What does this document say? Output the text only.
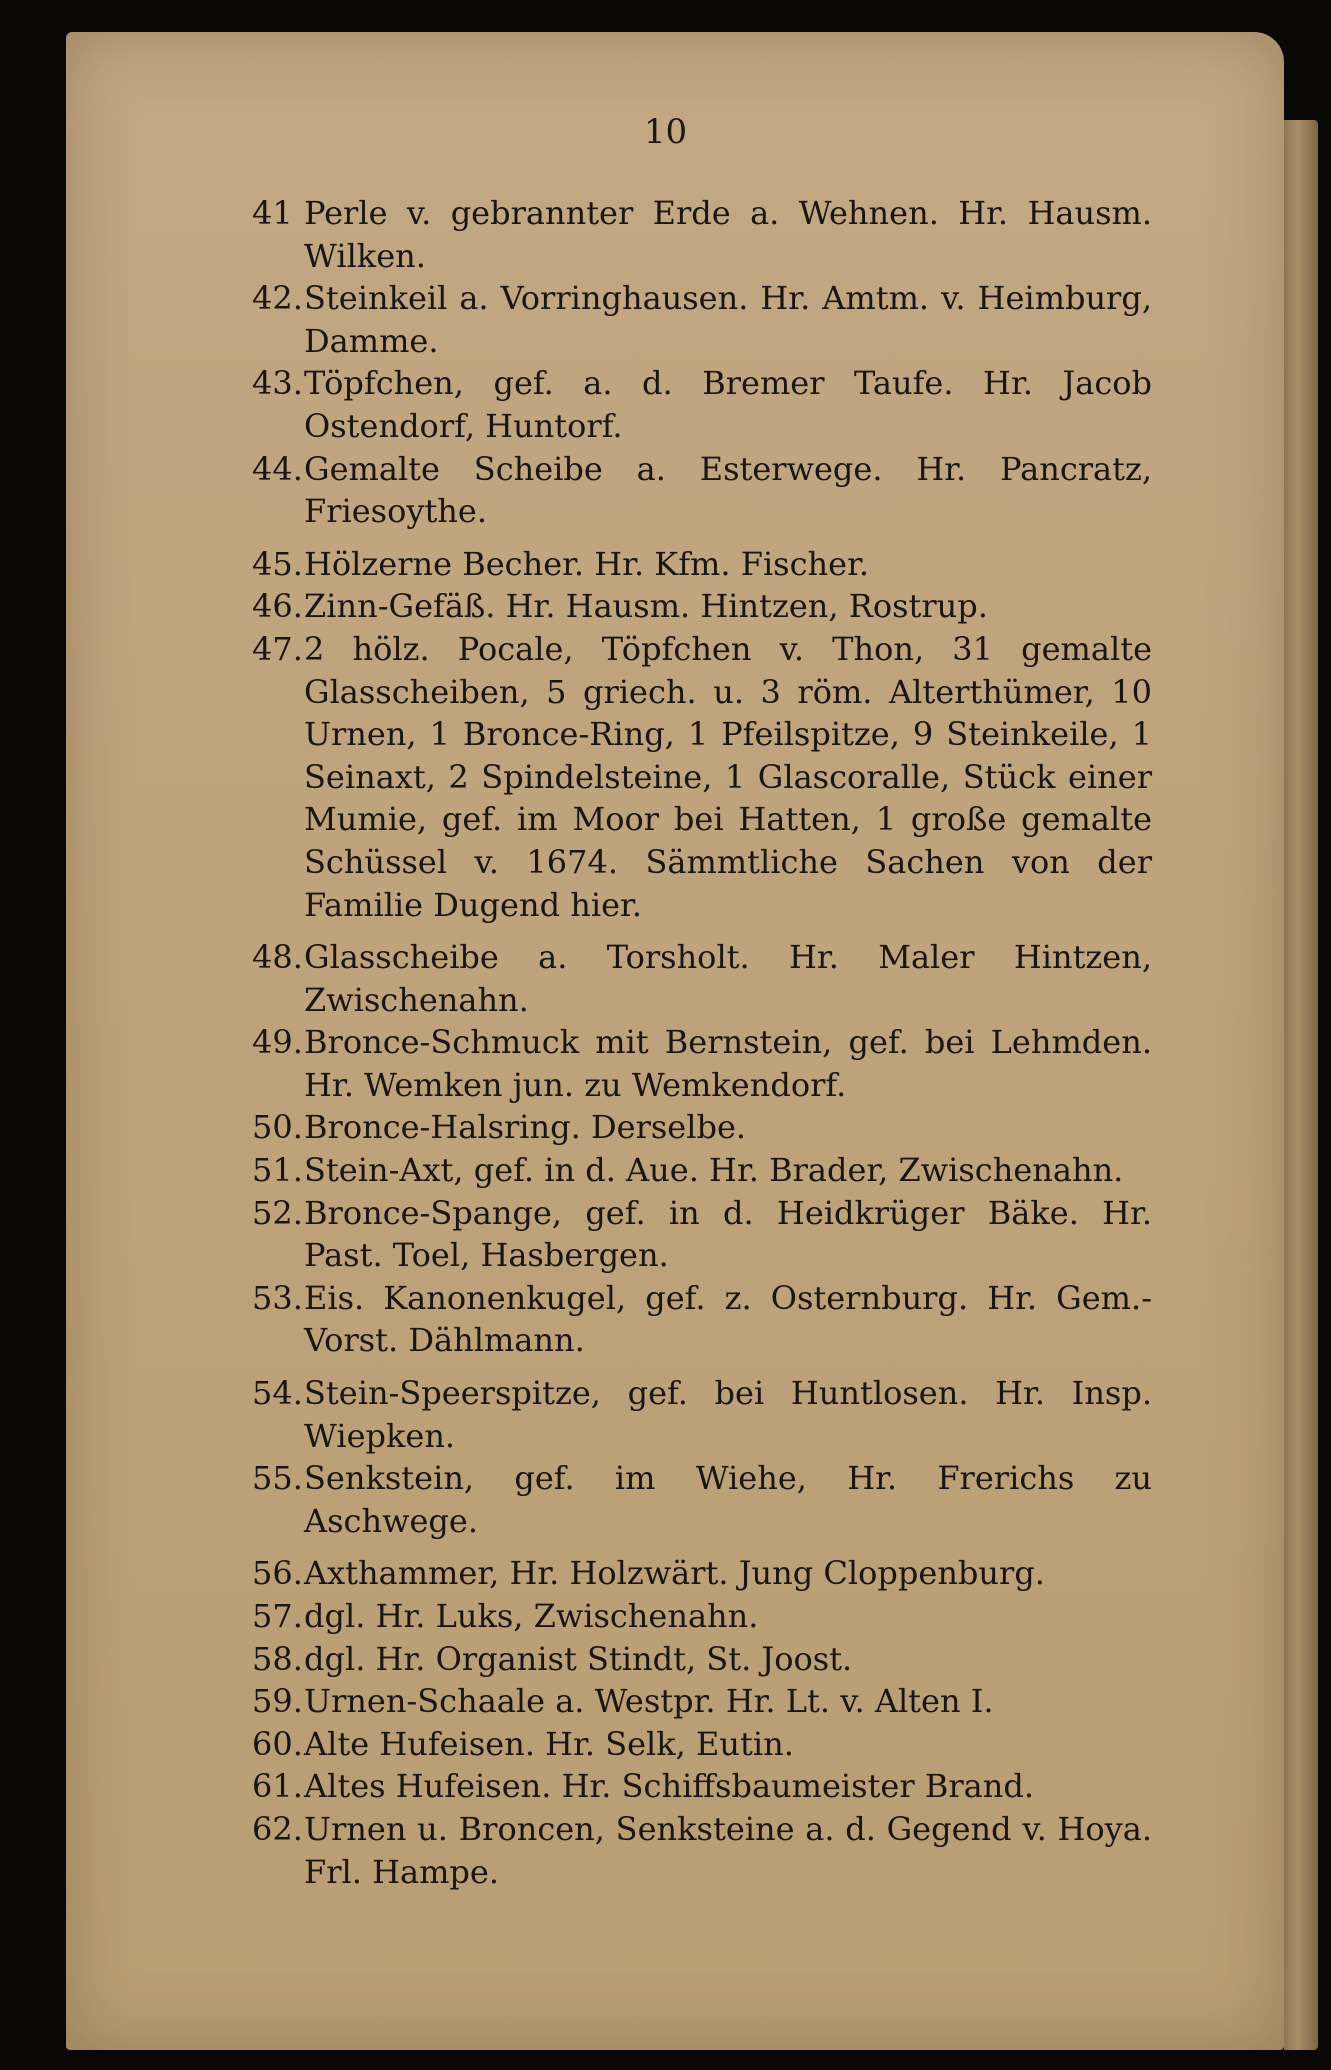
10

41 Perle v. gebrannter Erde a. Wehnen. Hr. Hausm. Wilken.
42. Steinkeil a. Vorringhausen. Hr. Amtm. v. Heimburg, Damme.
43. Töpfchen, gef. a. d. Bremer Taufe. Hr. Jacob Ostendorf, Huntorf.
44. Gemalte Scheibe a. Esterwege. Hr. Pancratz, Friesoythe.
45. Hölzerne Becher. Hr. Kfm. Fischer.
46. Zinn-Gefäß. Hr. Hausm. Hintzen, Rostrup.
47. 2 hölz. Pocale, Töpfchen v. Thon, 31 gemalte Glasscheiben, 5 griech. u. 3 röm. Alterthümer, 10 Urnen, 1 Bronce-Ring, 1 Pfeilspitze, 9 Steinkeile, 1 Seinaxt, 2 Spindelsteine, 1 Glascoralle, Stück einer Mumie, gef. im Moor bei Hatten, 1 große gemalte Schüssel v. 1674. Sämmtliche Sachen von der Familie Dugend hier.
48. Glasscheibe a. Torsholt. Hr. Maler Hintzen, Zwischenahn.
49. Bronce-Schmuck mit Bernstein, gef. bei Lehmden. Hr. Wemken jun. zu Wemkendorf.
50. Bronce-Halsring. Derselbe.
51. Stein-Axt, gef. in d. Aue. Hr. Brader, Zwischenahn.
52. Bronce-Spange, gef. in d. Heidkrüger Bäke. Hr. Past. Toel, Hasbergen.
53. Eis. Kanonenkugel, gef. z. Osternburg. Hr. Gem.-Vorst. Dählmann.
54. Stein-Speerspitze, gef. bei Huntlosen. Hr. Insp. Wiepken.
55. Senkstein, gef. im Wiehe, Hr. Frerichs zu Aschwege.
56. Axthammer, Hr. Holzwärt. Jung Cloppenburg.
57. dgl. Hr. Luks, Zwischenahn.
58. dgl. Hr. Organist Stindt, St. Joost.
59. Urnen-Schaale a. Westpr. Hr. Lt. v. Alten I.
60. Alte Hufeisen. Hr. Selk, Eutin.
61. Altes Hufeisen. Hr. Schiffsbaumeister Brand.
62. Urnen u. Broncen, Senksteine a. d. Gegend v. Hoya. Frl. Hampe.
